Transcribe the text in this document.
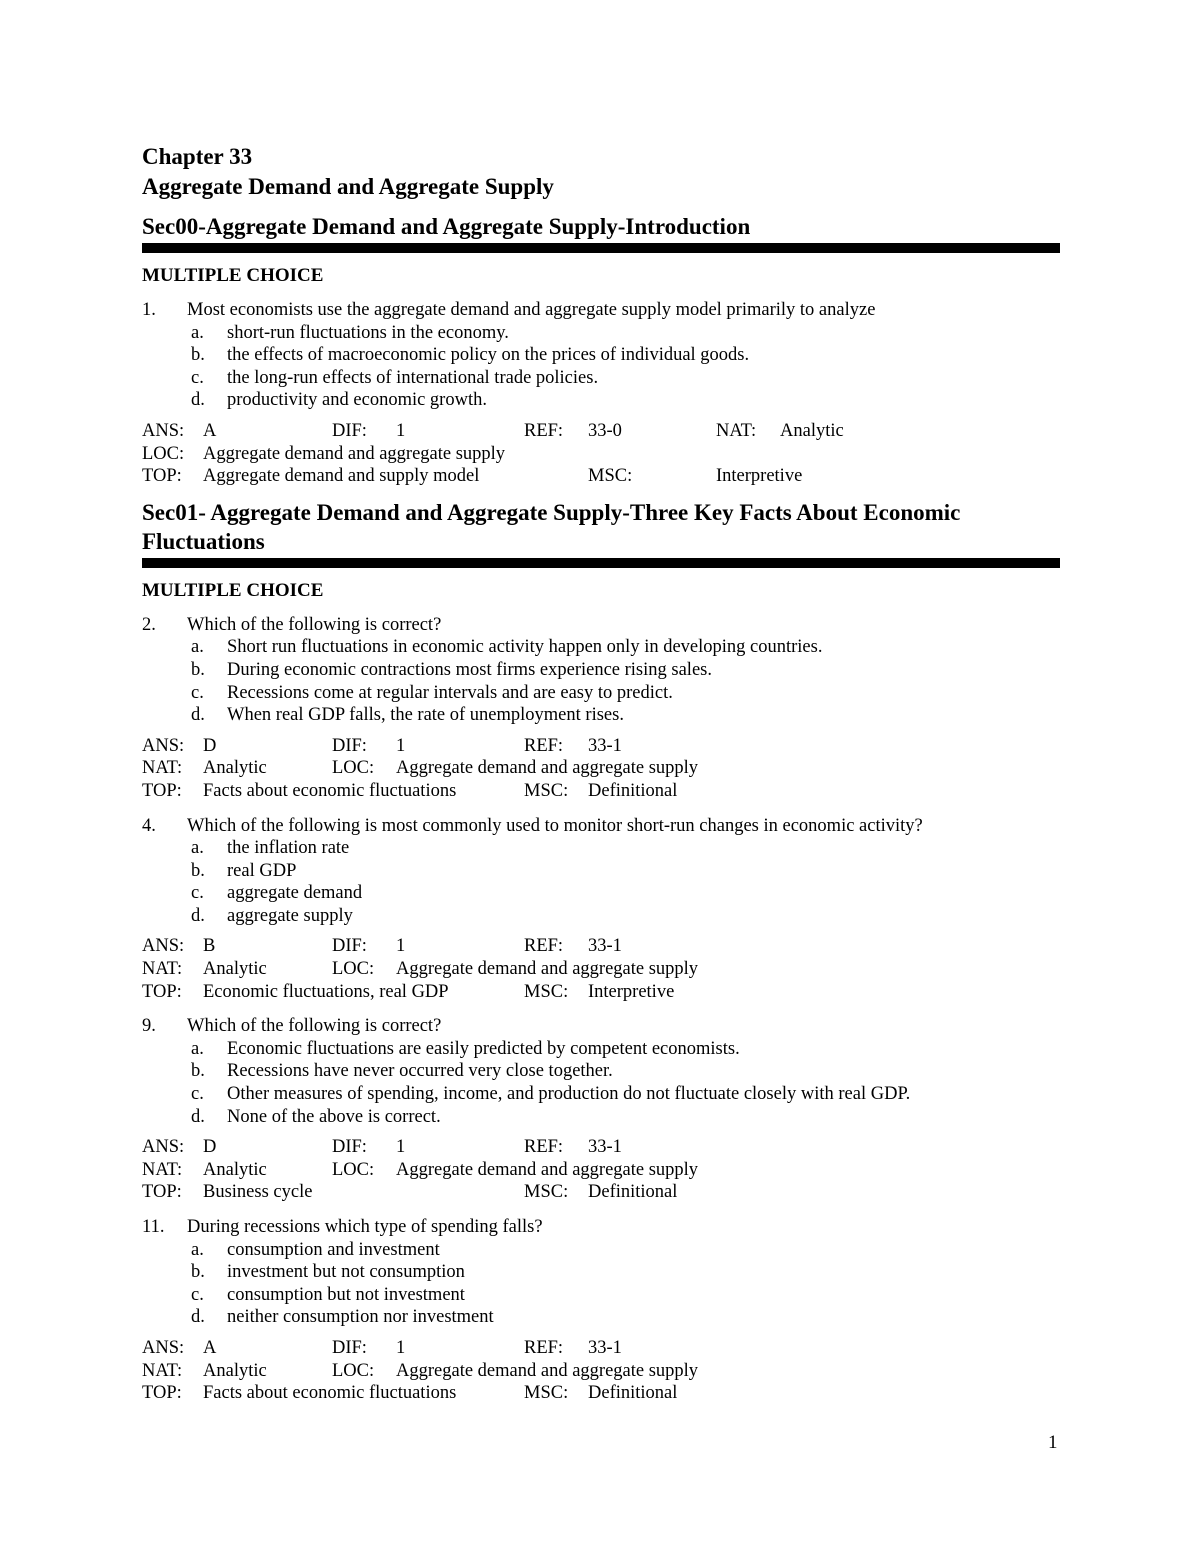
Chapter 33
Aggregate Demand and Aggregate Supply
Sec00-Aggregate Demand and Aggregate Supply-Introduction
MULTIPLE CHOICE
1.	Most economists use the aggregate demand and aggregate supply model primarily to analyze
a.	short-run fluctuations in the economy.
b.	the effects of macroeconomic policy on the prices of individual goods.
c.	the long-run effects of international trade policies.
d.	productivity and economic growth.
ANS: A	DIF: 1	REF: 33-0	NAT: Analytic
LOC: Aggregate demand and aggregate supply
TOP: Aggregate demand and supply model	MSC:	Interpretive
Sec01- Aggregate Demand and Aggregate Supply-Three Key Facts About Economic
Fluctuations
MULTIPLE CHOICE
2.	Which of the following is correct?
a.	Short run fluctuations in economic activity happen only in developing countries.
b.	During economic contractions most firms experience rising sales.
c.	Recessions come at regular intervals and are easy to predict.
d.	When real GDP falls, the rate of unemployment rises.
ANS: D	DIF: 1	REF: 33-1
NAT: Analytic	LOC: Aggregate demand and aggregate supply
TOP: Facts about economic fluctuations	MSC: Definitional
4.	Which of the following is most commonly used to monitor short-run changes in economic activity?
a.	the inflation rate
b.	real GDP
c.	aggregate demand
d.	aggregate supply
ANS: B	DIF: 1	REF: 33-1
NAT: Analytic	LOC: Aggregate demand and aggregate supply
TOP: Economic fluctuations, real GDP	MSC: Interpretive
9.	Which of the following is correct?
a.	Economic fluctuations are easily predicted by competent economists.
b.	Recessions have never occurred very close together.
c.	Other measures of spending, income, and production do not fluctuate closely with real GDP.
d.	None of the above is correct.
ANS: D	DIF: 1	REF: 33-1
NAT: Analytic	LOC: Aggregate demand and aggregate supply
TOP: Business cycle	MSC: Definitional
11.	During recessions which type of spending falls?
a.	consumption and investment
b.	investment but not consumption
c.	consumption but not investment
d.	neither consumption nor investment
ANS: A	DIF: 1	REF: 33-1
NAT: Analytic	LOC: Aggregate demand and aggregate supply
TOP: Facts about economic fluctuations	MSC: Definitional
1
